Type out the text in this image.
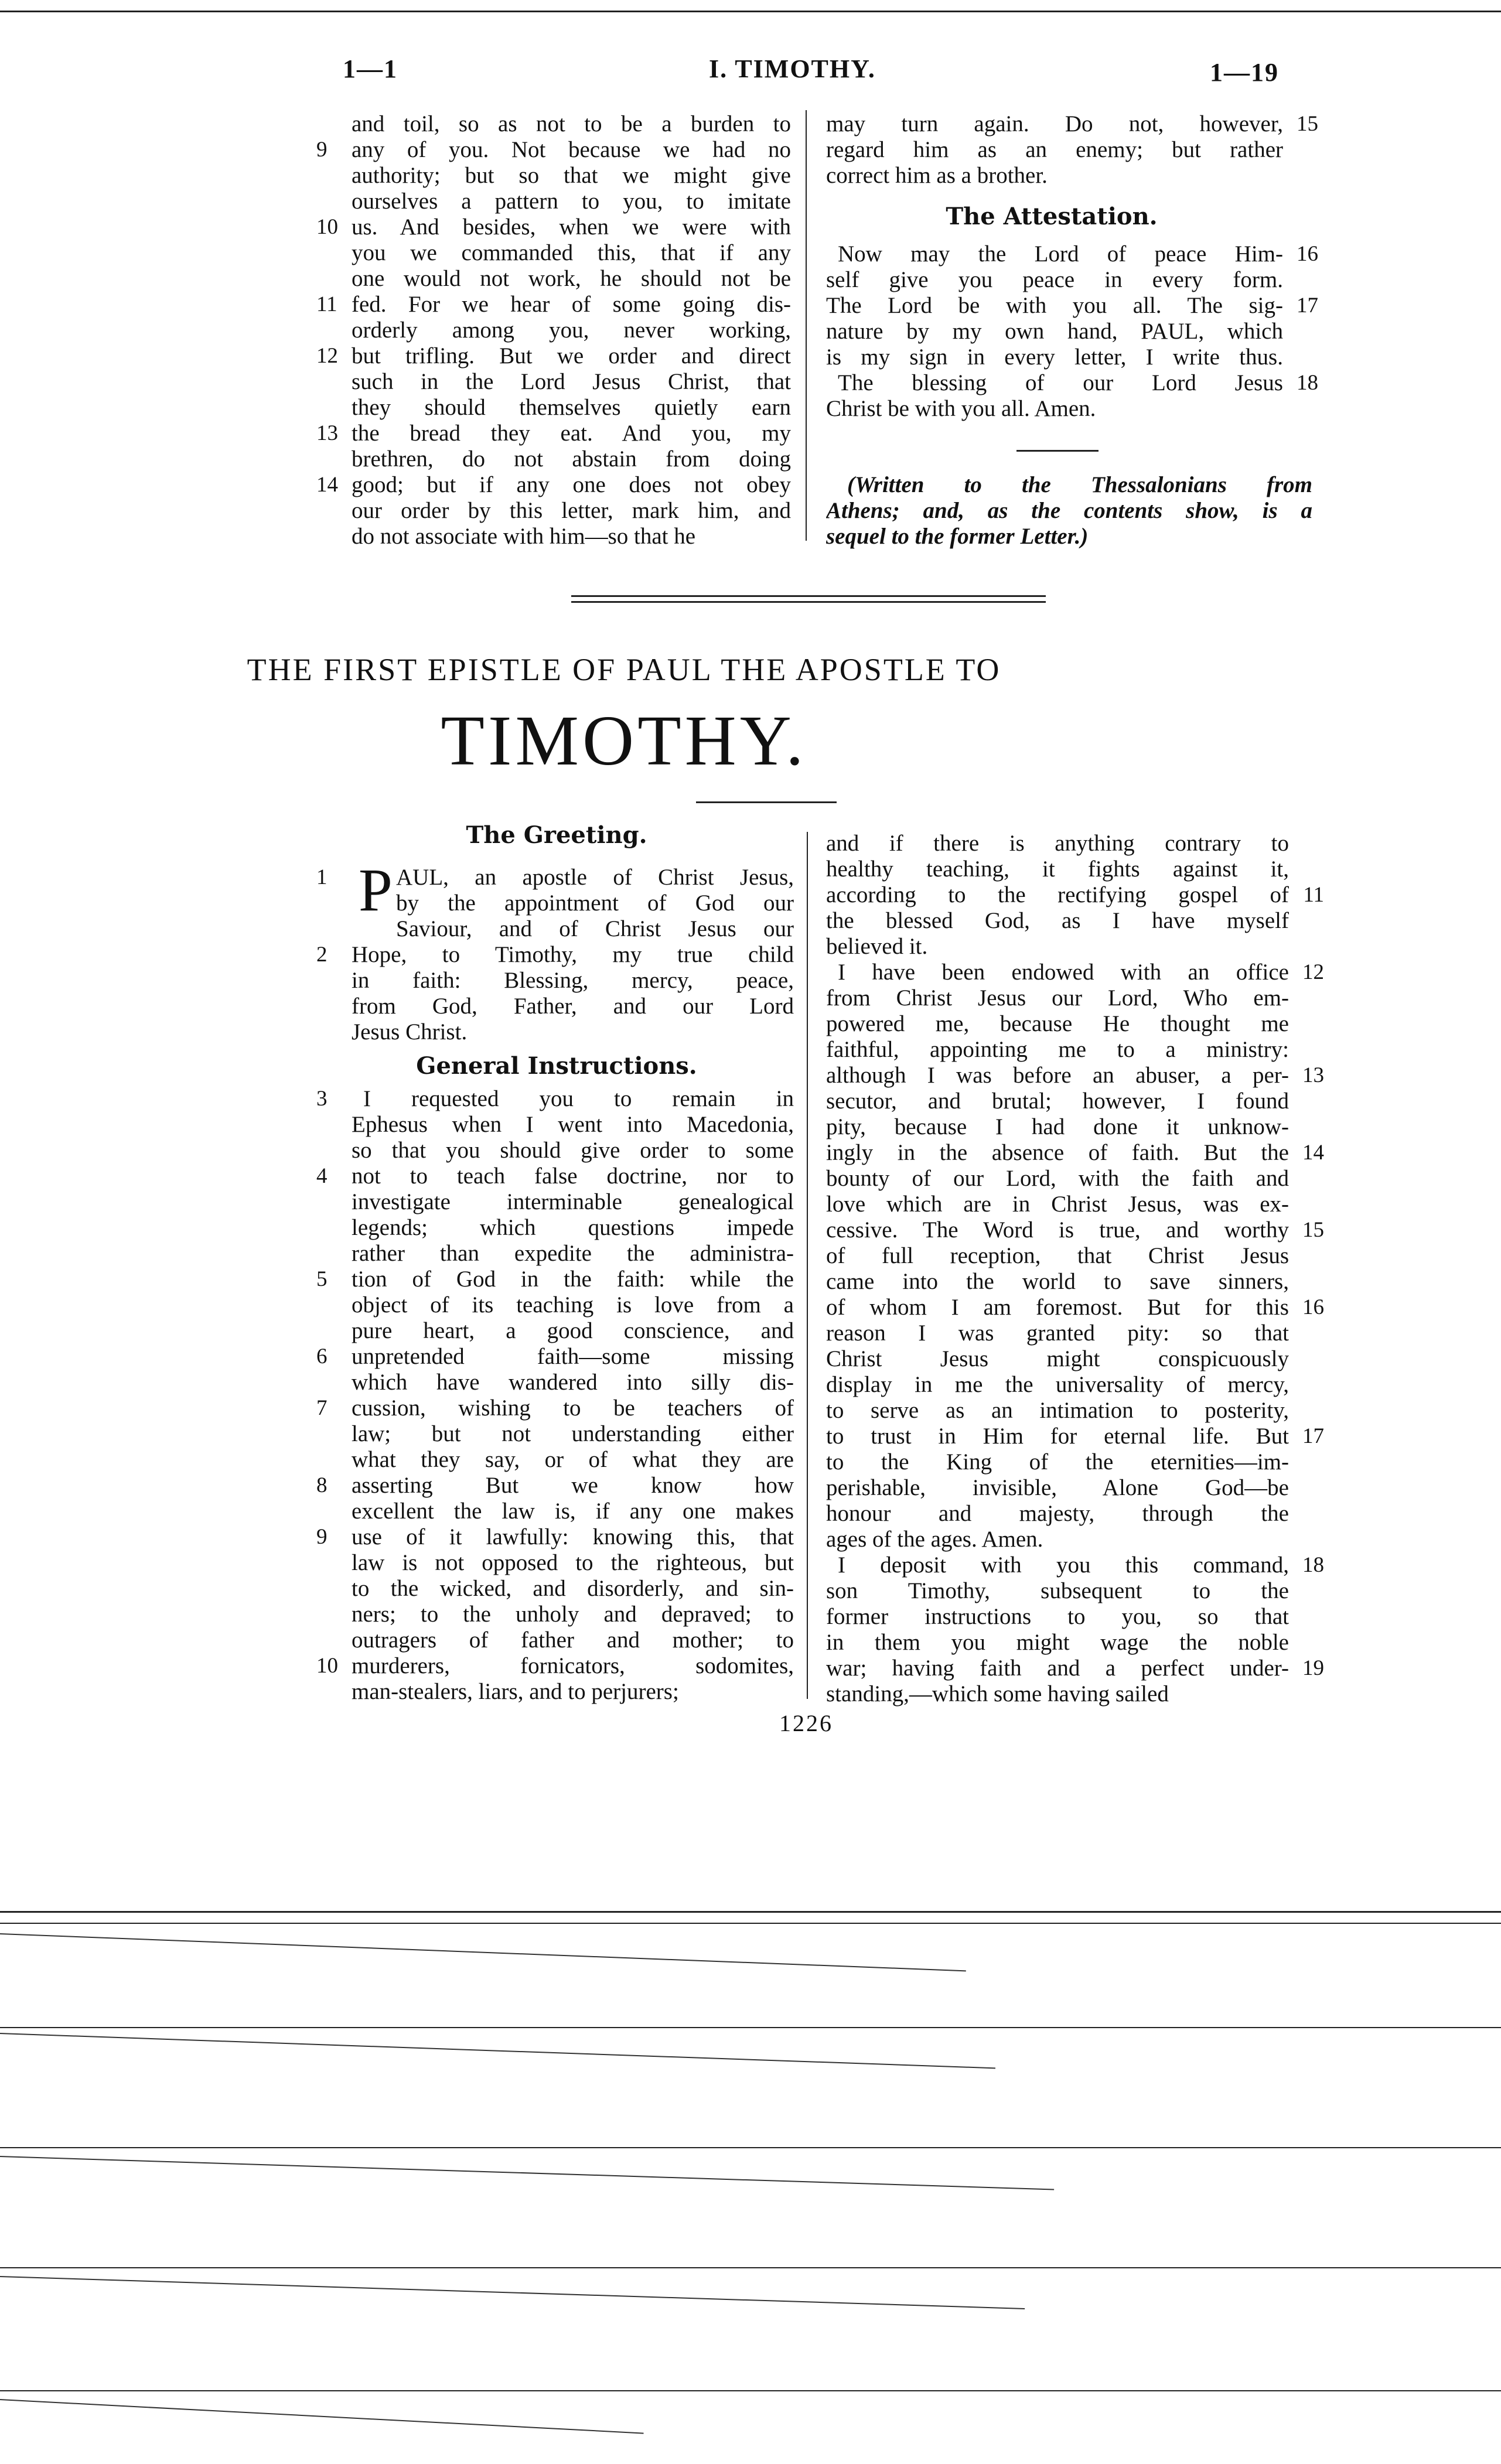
1—1	I. TIMOTHY.	1—19
and toil, so as not to be a burden to
9	any of you. Not because we had no
authority; but so that we might give
ourselves a pattern to you, to imitate
10 us. And besides, when we were with
you we commanded this, that if any
one would not work, he should not be
11 fed. For we hear of some going dis-
orderly among you, never working,
12 but trifling. But we order and direct
such in the Lord Jesus Christ, that
they should themselves quietly earn
13 the bread they eat. And you, my
brethren, do not abstain from doing
14 good; but if any one does not obey
our order by this letter, mark him, and
do not associate with him—so that he
may turn again. Do not, however, 15
regard him as an enemy; but rather
correct him as a brother.
The Attestation.
Now may the Lord of peace Him- 16
self give you peace in every form.
The Lord be with you all. The sig- 17
nature by my own hand, PAUL, which
is my sign in every letter, I write thus.
The blessing of our Lord Jesus 18
Christ be with you all. Amen.
(Written to the Thessalonians from
Athens; and, as the contents show, is a
sequel to the former Letter.)
THE FIRST EPISTLE OF PAUL THE APOSTLE TO
TIMOTHY.
The Greeting.
1	AUL, an apostle of Christ Jesus,
by the appointment of God our
Saviour, and of Christ Jesus our
2	Hope, to Timothy, my true child
in faith: Blessing, mercy, peace,
from God, Father, and our Lord
Jesus Christ.
P
General Instructions.
3	I requested you to remain in
Ephesus when I went into Macedonia,
so that you should give order to some
4	not to teach false doctrine, nor to
investigate interminable genealogical
legends; which questions impede
rather than expedite the administra-
5	tion of God in the faith: while the
object of its teaching is love from a
pure heart, a good conscience, and
6	unpretended faith—some missing
which have wandered into silly dis-
7	cussion, wishing to be teachers of
law; but not understanding either
what they say, or of what they are
8	asserting But we know how
excellent the law is, if any one makes
9	use of it lawfully: knowing this, that
law is not opposed to the righteous, but
to the wicked, and disorderly, and sin-
ners; to the unholy and depraved; to
outragers of father and mother; to
10 murderers, fornicators, sodomites,
man-stealers, liars, and to perjurers;
and if there is anything contrary to
healthy teaching, it fights against it,
according to the rectifying gospel of 11
the blessed God, as I have myself
believed it.
I have been endowed with an office 12
from Christ Jesus our Lord, Who em-
powered me, because He thought me
faithful, appointing me to a ministry:
although I was before an abuser, a per- 13
secutor, and brutal; however, I found
pity, because I had done it unknow-
ingly in the absence of faith. But the 14
bounty of our Lord, with the faith and
love which are in Christ Jesus, was ex-
cessive. The Word is true, and worthy 15
of full reception, that Christ Jesus
came into the world to save sinners,
of whom I am foremost. But for this 16
reason I was granted pity: so that
Christ Jesus might conspicuously
display in me the universality of mercy,
to serve as an intimation to posterity,
to trust in Him for eternal life. But 17
to the King of the eternities—im-
perishable, invisible, Alone God—be
honour and majesty, through the
ages of the ages. Amen.
I deposit with you this command, 18
son Timothy, subsequent to the
former instructions to you, so that
in them you might wage the noble
war; having faith and a perfect under- 19
standing,—which some having sailed
1226
